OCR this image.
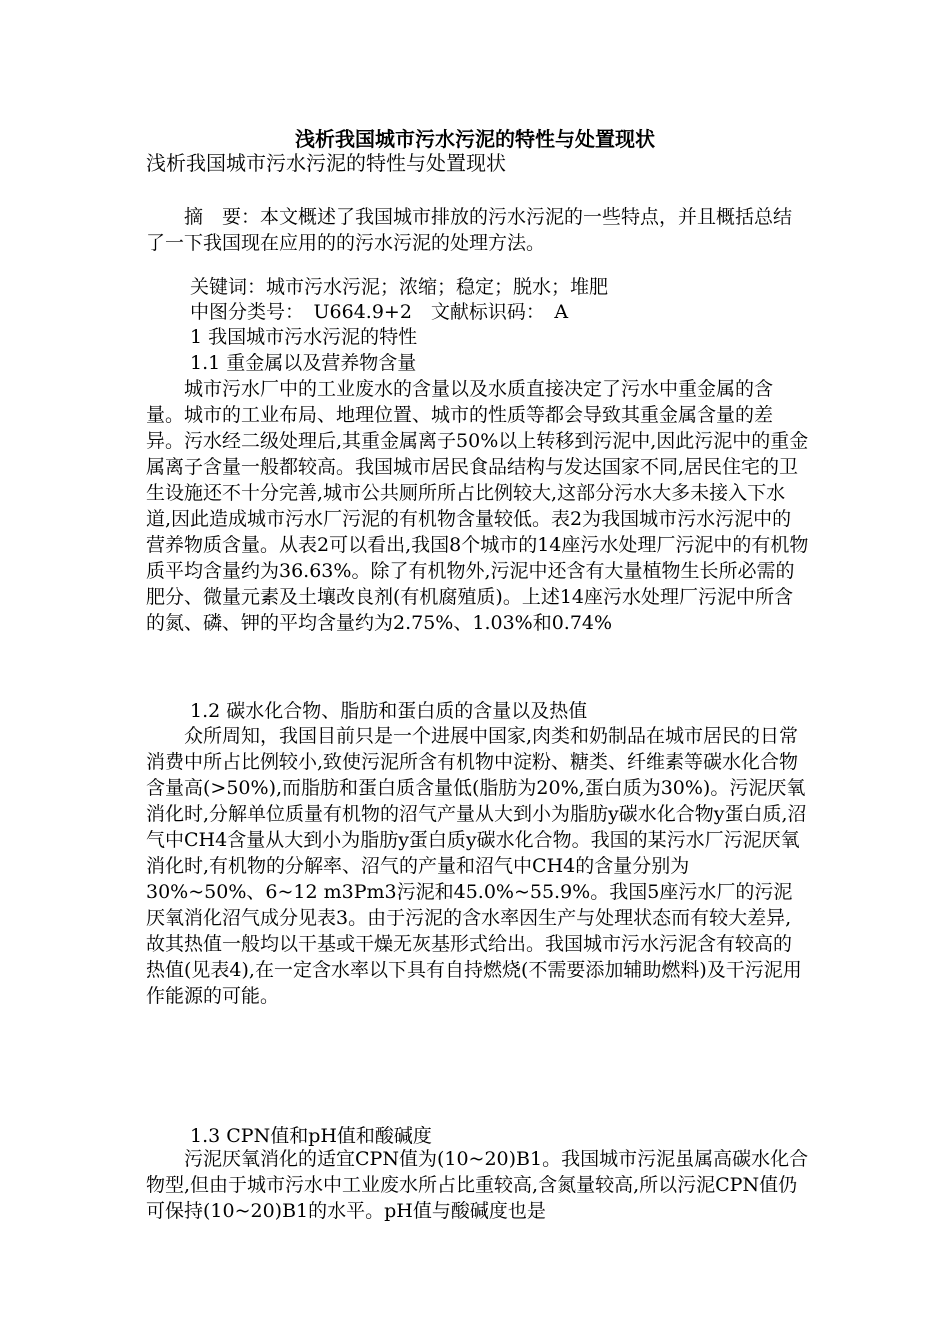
浅析我国城市污水污泥的特性与处置现状
浅析我国城市污水污泥的特性与处置现状
　　摘　要：本文概述了我国城市排放的污水污泥的一些特点，并且概括总结了一下我国现在应用的的污水污泥的处理方法。
关键词：城市污水污泥；浓缩；稳定；脱水；堆肥
中图分类号：　U664.9+2　文献标识码：　A
1 我国城市污水污泥的特性
1.1 重金属以及营养物含量
　　城市污水厂中的工业废水的含量以及水质直接决定了污水中重金属的含量。城市的工业布局、地理位置、城市的性质等都会导致其重金属含量的差异。污水经二级处理后,其重金属离子50%以上转移到污泥中,因此污泥中的重金属离子含量一般都较高。我国城市居民食品结构与发达国家不同,居民住宅的卫生设施还不十分完善,城市公共厕所所占比例较大,这部分污水大多未接入下水道,因此造成城市污水厂污泥的有机物含量较低。表2为我国城市污水污泥中的营养物质含量。从表2可以看出,我国8个城市的14座污水处理厂污泥中的有机物质平均含量约为36.63%。除了有机物外,污泥中还含有大量植物生长所必需的肥分、微量元素及土壤改良剂(有机腐殖质)。上述14座污水处理厂污泥中所含的氮、磷、钾的平均含量约为2.75%、1.03%和0.74%
1.2 碳水化合物、脂肪和蛋白质的含量以及热值
　　众所周知，我国目前只是一个进展中国家,肉类和奶制品在城市居民的日常消费中所占比例较小,致使污泥所含有机物中淀粉、糖类、纤维素等碳水化合物含量高(>50%),而脂肪和蛋白质含量低(脂肪为20%,蛋白质为30%)。污泥厌氧消化时,分解单位质量有机物的沼气产量从大到小为脂肪y碳水化合物y蛋白质,沼气中CH4含量从大到小为脂肪y蛋白质y碳水化合物。我国的某污水厂污泥厌氧消化时,有机物的分解率、沼气的产量和沼气中CH4的含量分别为
30%~50%、6~12 m3Pm3污泥和45.0%~55.9%。我国5座污水厂的污泥厌氧消化沼气成分见表3。由于污泥的含水率因生产与处理状态而有较大差异,故其热值一般均以干基或干燥无灰基形式给出。我国城市污水污泥含有较高的热值(见表4),在一定含水率以下具有自持燃烧(不需要添加辅助燃料)及干污泥用作能源的可能。
1.3 CPN值和pH值和酸碱度
　　污泥厌氧消化的适宜CPN值为(10~20)B1。我国城市污泥虽属高碳水化合物型,但由于城市污水中工业废水所占比重较高,含氮量较高,所以污泥CPN值仍可保持(10~20)B1的水平。pH值与酸碱度也是
